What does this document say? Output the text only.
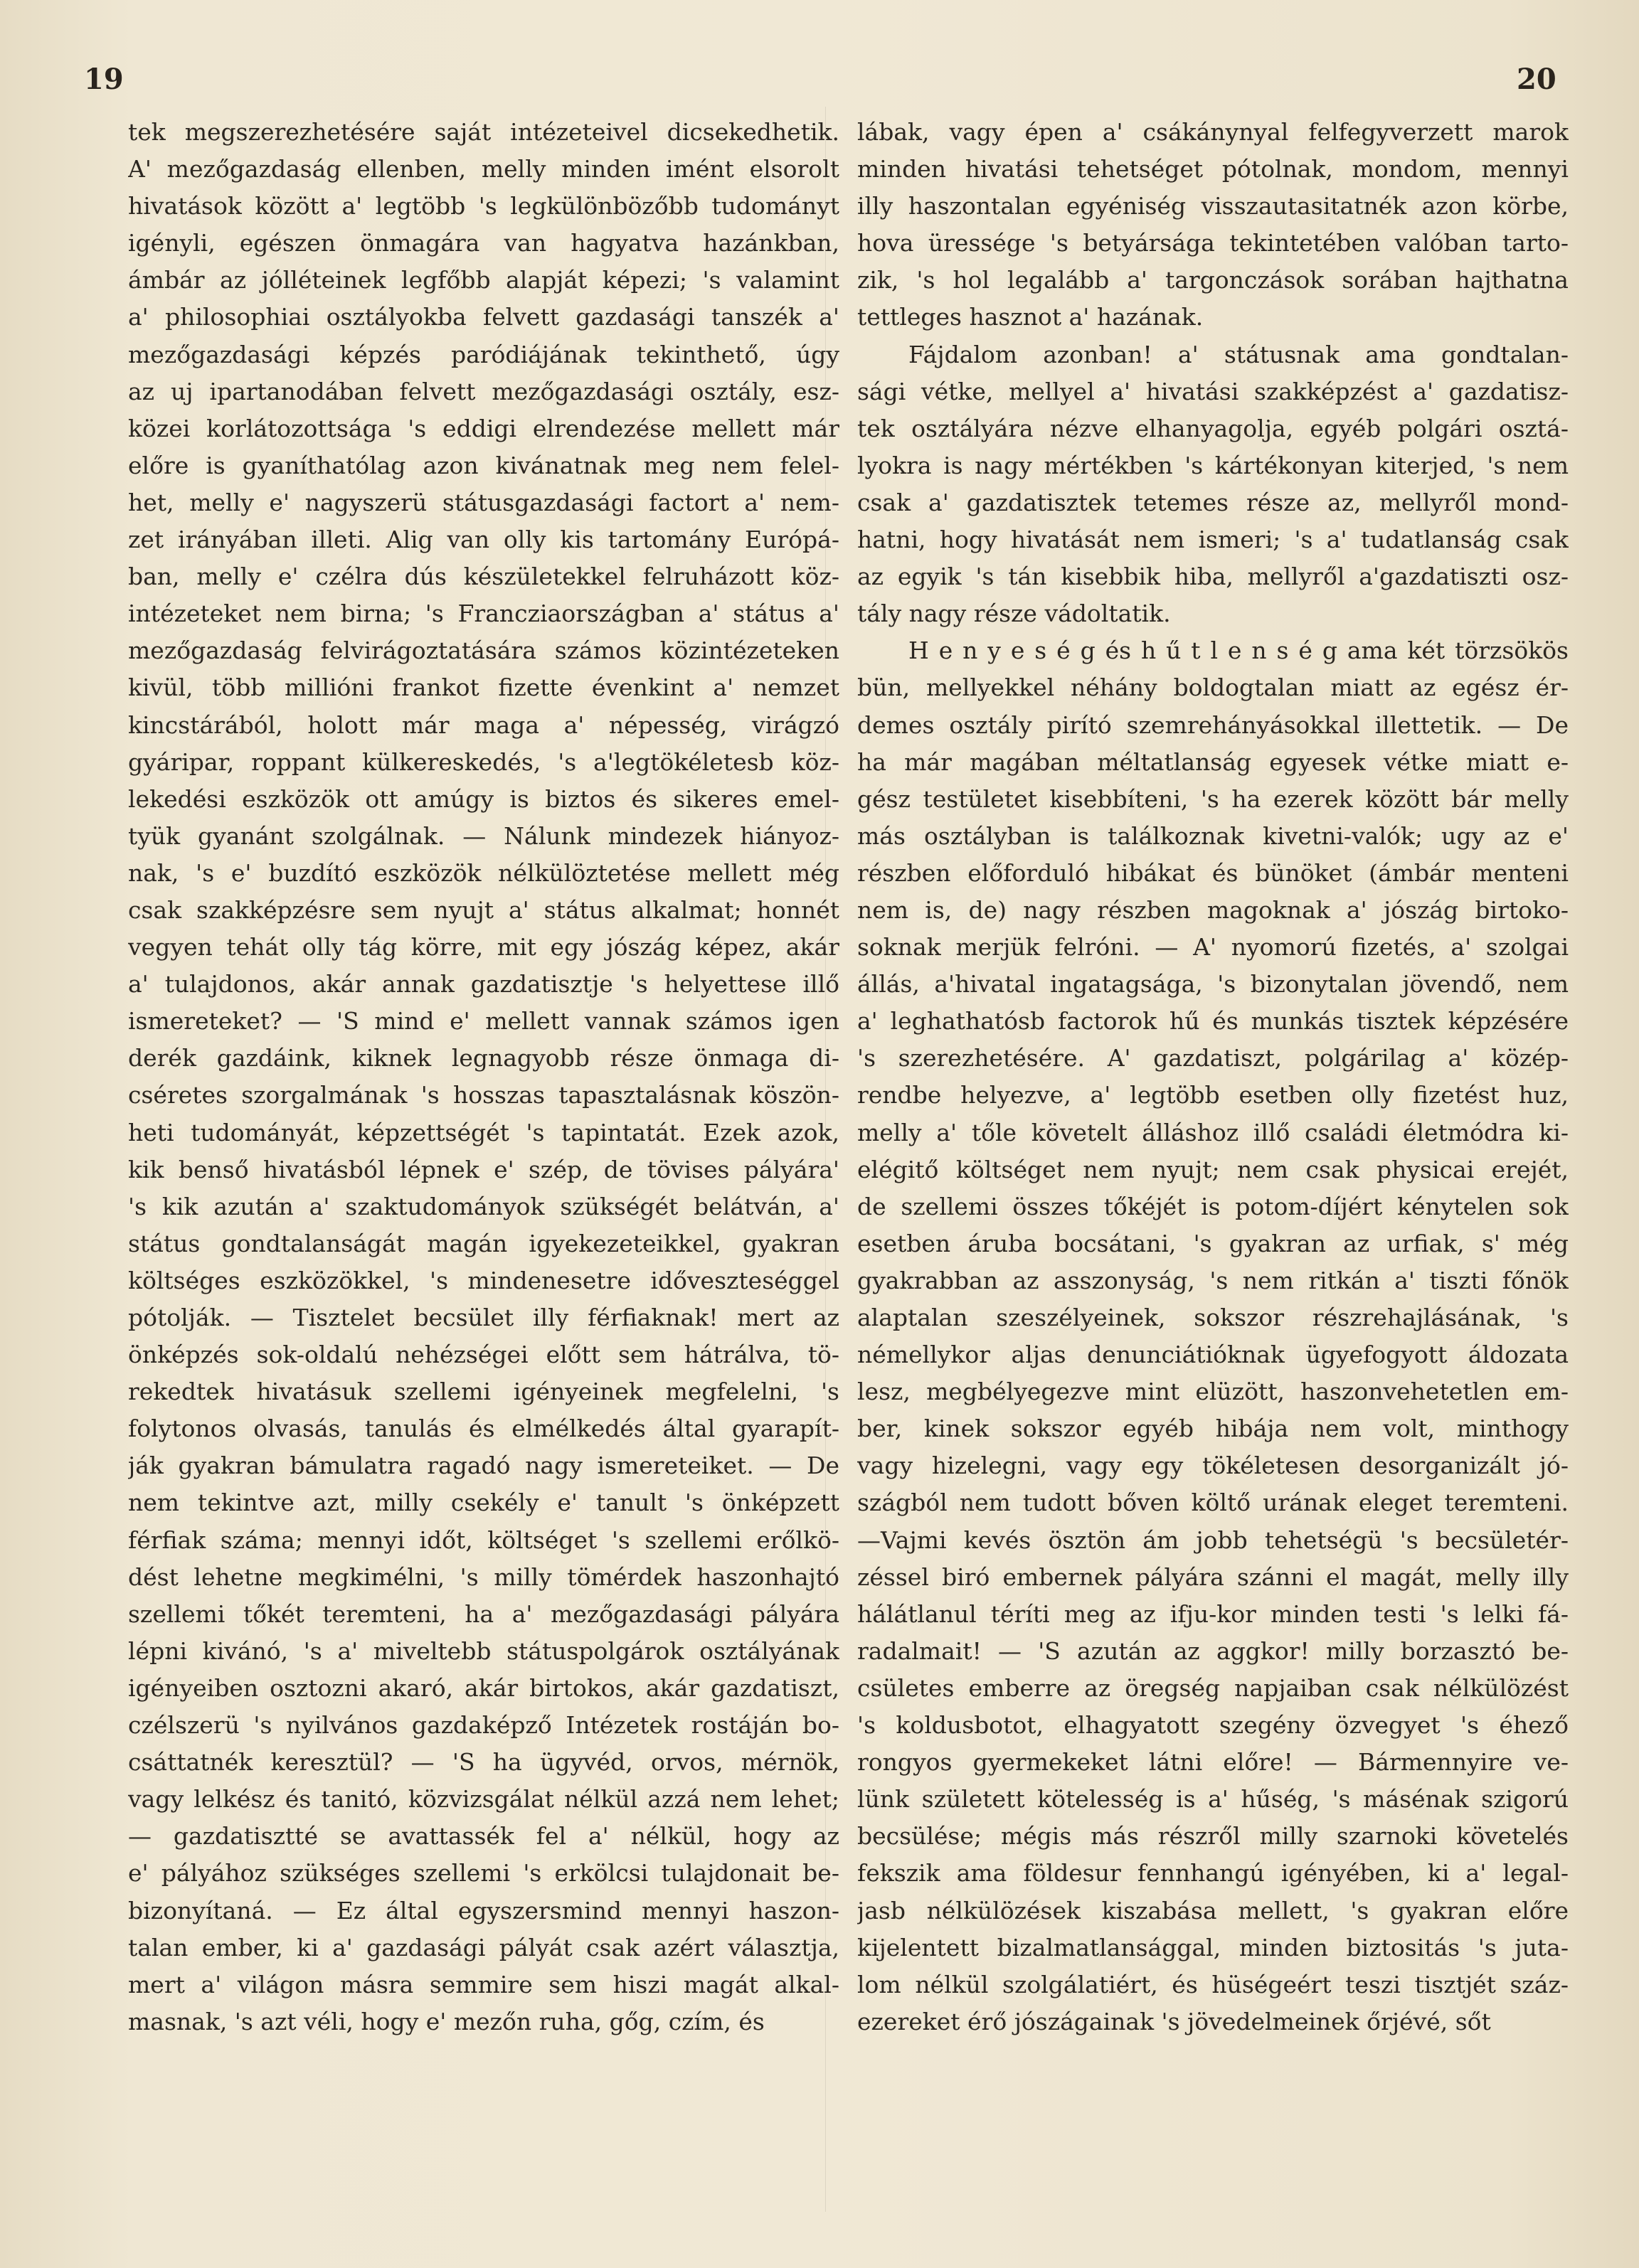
19	20
tek megszerezhetésére saját intézeteivel dicsekedhetik.
A' mezőgazdaság ellenben, melly minden imént elsorolt
hivatások között a' legtöbb 's legkülönbözőbb tudományt
igényli, egészen önmagára van hagyatva hazánkban,
ámbár az jólléteinek legfőbb alapját képezi; 's valamint
a' philosophiai osztályokba felvett gazdasági tanszék a'
mezőgazdasági képzés paródiájának tekinthető, úgy
az uj ipartanodában felvett mezőgazdasági osztály, esz-
közei korlátozottsága 's eddigi elrendezése mellett már
előre is gyaníthatólag azon kivánatnak meg nem felel-
het, melly e' nagyszerü státusgazdasági factort a' nem-
zet irányában illeti. Alig van olly kis tartomány Európá-
ban, melly e' czélra dús készületekkel felruházott köz-
intézeteket nem birna; 's Francziaországban a' státus a'
mezőgazdaság felvirágoztatására számos közintézeteken
kivül, több millióni frankot fizette évenkint a' nemzet
kincstárából, holott már maga a' népesség, virágzó
gyáripar, roppant külkereskedés, 's a'legtökéletesb köz-
lekedési eszközök ott amúgy is biztos és sikeres emel-
tyük gyanánt szolgálnak. — Nálunk mindezek hiányoz-
nak, 's e' buzdító eszközök nélkülöztetése mellett még
csak szakképzésre sem nyujt a' státus alkalmat; honnét
vegyen tehát olly tág körre, mit egy jószág képez, akár
a' tulajdonos, akár annak gazdatisztje 's helyettese illő
ismereteket? — 'S mind e' mellett vannak számos igen
derék gazdáink, kiknek legnagyobb része önmaga di-
cséretes szorgalmának 's hosszas tapasztalásnak köszön-
heti tudományát, képzettségét 's tapintatát. Ezek azok,
kik benső hivatásból lépnek e' szép, de tövises pályára'
's kik azután a' szaktudományok szükségét belátván, a'
státus gondtalanságát magán igyekezeteikkel, gyakran
költséges eszközökkel, 's mindenesetre időveszteséggel
pótolják. — Tisztelet becsület illy férfiaknak! mert az
önképzés sok-oldalú nehézségei előtt sem hátrálva, tö-
rekedtek hivatásuk szellemi igényeinek megfelelni, 's
folytonos olvasás, tanulás és elmélkedés által gyarapít-
ják gyakran bámulatra ragadó nagy ismereteiket. — De
nem tekintve azt, milly csekély e' tanult 's önképzett
férfiak száma; mennyi időt, költséget 's szellemi erőlkö-
dést lehetne megkimélni, 's milly tömérdek haszonhajtó
szellemi tőkét teremteni, ha a' mezőgazdasági pályára
lépni kivánó, 's a' miveltebb státuspolgárok osztályának
igényeiben osztozni akaró, akár birtokos, akár gazdatiszt,
czélszerü 's nyilvános gazdaképző Intézetek rostáján bo-
csáttatnék keresztül? — 'S ha ügyvéd, orvos, mérnök,
vagy lelkész és tanitó, közvizsgálat nélkül azzá nem lehet;
— gazdatisztté se avattassék fel a' nélkül, hogy az
e' pályához szükséges szellemi 's erkölcsi tulajdonait be-
bizonyítaná. — Ez által egyszersmind mennyi haszon-
talan ember, ki a' gazdasági pályát csak azért választja,
mert a' világon másra semmire sem hiszi magát alkal-
masnak, 's azt véli, hogy e' mezőn ruha, gőg, czím, és
lábak, vagy épen a' csákánynyal felfegyverzett marok
minden hivatási tehetséget pótolnak, mondom, mennyi
illy haszontalan egyéniség visszautasitatnék azon körbe,
hova üressége 's betyársága tekintetében valóban tarto-
zik, 's hol legalább a' targonczások sorában hajthatna
tettleges hasznot a' hazának.
Fájdalom azonban! a' státusnak ama gondtalan-
sági vétke, mellyel a' hivatási szakképzést a' gazdatisz-
tek osztályára nézve elhanyagolja, egyéb polgári osztá-
lyokra is nagy mértékben 's kártékonyan kiterjed, 's nem
csak a' gazdatisztek tetemes része az, mellyről mond-
hatni, hogy hivatását nem ismeri; 's a' tudatlanság csak
az egyik 's tán kisebbik hiba, mellyről a'gazdatiszti osz-
tály nagy része vádoltatik.
H e n y e s é g és h ű t l e n s é g ama két törzsökös
bün, mellyekkel néhány boldogtalan miatt az egész ér-
demes osztály pirító szemrehányásokkal illettetik. — De
ha már magában méltatlanság egyesek vétke miatt e-
gész testületet kisebbíteni, 's ha ezerek között bár melly
más osztályban is találkoznak kivetni-valók; ugy az e'
részben előforduló hibákat és bünöket (ámbár menteni
nem is, de) nagy részben magoknak a' jószág birtoko-
soknak merjük felróni. — A' nyomorú fizetés, a' szolgai
állás, a'hivatal ingatagsága, 's bizonytalan jövendő, nem
a' leghathatósb factorok hű és munkás tisztek képzésére
's szerezhetésére. A' gazdatiszt, polgárilag a' közép-
rendbe helyezve, a' legtöbb esetben olly fizetést huz,
melly a' tőle követelt álláshoz illő családi életmódra ki-
elégitő költséget nem nyujt; nem csak physicai erejét,
de szellemi összes tőkéjét is potom-díjért kénytelen sok
esetben áruba bocsátani, 's gyakran az urfiak, s' még
gyakrabban az asszonyság, 's nem ritkán a' tiszti főnök
alaptalan szeszélyeinek, sokszor részrehajlásának, 's
némellykor aljas denunciátióknak ügyefogyott áldozata
lesz, megbélyegezve mint elüzött, haszonvehetetlen em-
ber, kinek sokszor egyéb hibája nem volt, minthogy
vagy hizelegni, vagy egy tökéletesen desorganizált jó-
szágból nem tudott bőven költő urának eleget teremteni.
—Vajmi kevés ösztön ám jobb tehetségü 's becsületér-
zéssel biró embernek pályára szánni el magát, melly illy
hálátlanul téríti meg az ifju-kor minden testi 's lelki fá-
radalmait! — 'S azután az aggkor! milly borzasztó be-
csületes emberre az öregség napjaiban csak nélkülözést
's koldusbotot, elhagyatott szegény özvegyet 's éhező
rongyos gyermekeket látni előre! — Bármennyire ve-
lünk született kötelesség is a' hűség, 's másénak szigorú
becsülése; mégis más részről milly szarnoki követelés
fekszik ama földesur fennhangú igényében, ki a' legal-
jasb nélkülözések kiszabása mellett, 's gyakran előre
kijelentett bizalmatlansággal, minden biztositás 's juta-
lom nélkül szolgálatiért, és hüségeért teszi tisztjét száz-
ezereket érő jószágainak 's jövedelmeinek őrjévé, sőt
